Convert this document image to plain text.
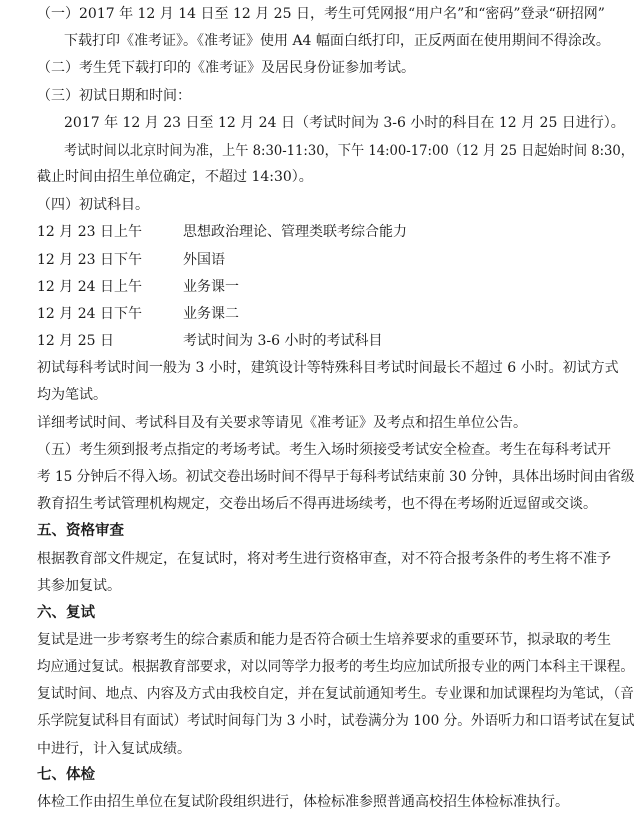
（一）2017 年 12 月 14 日至 12 月 25 日，考生可凭网报“用户名”和“密码”登录“研招网”
下载打印《准考证》。《准考证》使用 A4 幅面白纸打印，正反两面在使用期间不得涂改。
（二）考生凭下载打印的《准考证》及居民身份证参加考试。
（三）初试日期和时间：
2017 年 12 月 23 日至 12 月 24 日（考试时间为 3-6 小时的科目在 12 月 25 日进行）。
考试时间以北京时间为准，上午 8:30-11:30，下午 14:00-17:00（12 月 25 日起始时间 8:30，
截止时间由招生单位确定，不超过 14:30）。
（四）初试科目。
12 月 23 日上午	思想政治理论、管理类联考综合能力
12 月 23 日下午	外国语
12 月 24 日上午	业务课一
12 月 24 日下午	业务课二
12 月 25 日	考试时间为 3-6 小时的考试科目
初试每科考试时间一般为 3 小时，建筑设计等特殊科目考试时间最长不超过 6 小时。初试方式
均为笔试。
详细考试时间、考试科目及有关要求等请见《准考证》及考点和招生单位公告。
（五）考生须到报考点指定的考场考试。考生入场时须接受考试安全检查。考生在每科考试开
考 15 分钟后不得入场。初试交卷出场时间不得早于每科考试结束前 30 分钟，具体出场时间由省级
教育招生考试管理机构规定，交卷出场后不得再进场续考，也不得在考场附近逗留或交谈。
五、资格审查
根据教育部文件规定，在复试时，将对考生进行资格审查，对不符合报考条件的考生将不准予
其参加复试。
六、复试
复试是进一步考察考生的综合素质和能力是否符合硕士生培养要求的重要环节，拟录取的考生
均应通过复试。根据教育部要求，对以同等学力报考的考生均应加试所报专业的两门本科主干课程。
复试时间、地点、内容及方式由我校自定，并在复试前通知考生。专业课和加试课程均为笔试，（音
乐学院复试科目有面试）考试时间每门为 3 小时，试卷满分为 100 分。外语听力和口语考试在复试
中进行，计入复试成绩。
七、体检
体检工作由招生单位在复试阶段组织进行，体检标准参照普通高校招生体检标准执行。
